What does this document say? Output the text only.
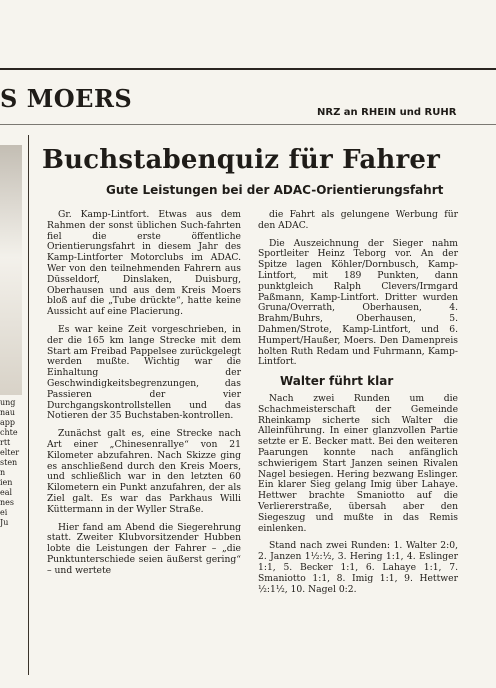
S MOERS	NRZ an RHEIN und RUHR
ung
nau
app
chte
rtt
elter
sten
n
ien
eal
nes
ei
Ju
Buchstabenquiz für Fahrer
Gute Leistungen bei der ADAC-Orientierungsfahrt

Gr. Kamp-Lintfort. Etwas aus dem Rahmen der sonst üblichen Such-fahrten fiel die erste öffentliche Orientierungsfahrt in diesem Jahr des Kamp-Lintforter Motorclubs im ADAC. Wer von den teilnehmenden Fahrern aus Düsseldorf, Dinslaken, Duisburg, Oberhausen und aus dem Kreis Moers bloß auf die „Tube drückte“, hatte keine Aussicht auf eine Placierung.

Es war keine Zeit vorgeschrieben, in der die 165 km lange Strecke mit dem Start am Freibad Pappelsee zurückgelegt werden mußte. Wichtig war die Einhaltung der Geschwindigkeitsbegrenzungen, das Passieren der vier Durchgangskontrollstellen und das Notieren der 35 Buchstaben-kontrollen.

Zunächst galt es, eine Strecke nach Art einer „Chinesenrallye“ von 21 Kilometer abzufahren. Nach Skizze ging es anschließend durch den Kreis Moers, und schließlich war in den letzten 60 Kilometern ein Punkt anzufahren, der als Ziel galt. Es war das Parkhaus Willi Küttermann in der Wyller Straße.

Hier fand am Abend die Siegerehrung statt. Zweiter Klubvorsitzender Hubben lobte die Leistungen der Fahrer – „die Punktunterschiede seien äußerst gering“ – und wertete

die Fahrt als gelungene Werbung für den ADAC.

Die Auszeichnung der Sieger nahm Sportleiter Heinz Teborg vor. An der Spitze lagen Köhler/Dornbusch, Kamp-Lintfort, mit 189 Punkten, dann punktgleich Ralph Clevers/Irmgard Paßmann, Kamp-Lintfort. Dritter wurden Gruna/Overrath, Oberhausen, 4. Brahm/Buhrs, Oberhausen, 5. Dahmen/Strote, Kamp-Lintfort, und 6. Humpert/Haußer, Moers. Den Damenpreis holten Ruth Redam und Fuhrmann, Kamp-Lintfort.

Walter führt klar

Nach zwei Runden um die Schachmeisterschaft der Gemeinde Rheinkamp sicherte sich Walter die Alleinführung. In einer glanzvollen Partie setzte er E. Becker matt. Bei den weiteren Paarungen konnte nach anfänglich schwierigem Start Janzen seinen Rivalen Nagel besiegen. Hering bezwang Eslinger. Ein klarer Sieg gelang Imig über Lahaye. Hettwer brachte Smaniotto auf die Verliererstraße, übersah aber den Siegeszug und mußte in das Remis einlenken.

Stand nach zwei Runden: 1. Walter 2:0, 2. Janzen 1½:½, 3. Hering 1:1, 4. Eslinger 1:1, 5. Becker 1:1, 6. Lahaye 1:1, 7. Smaniotto 1:1, 8. Imig 1:1, 9. Hettwer ½:1½, 10. Nagel 0:2.
